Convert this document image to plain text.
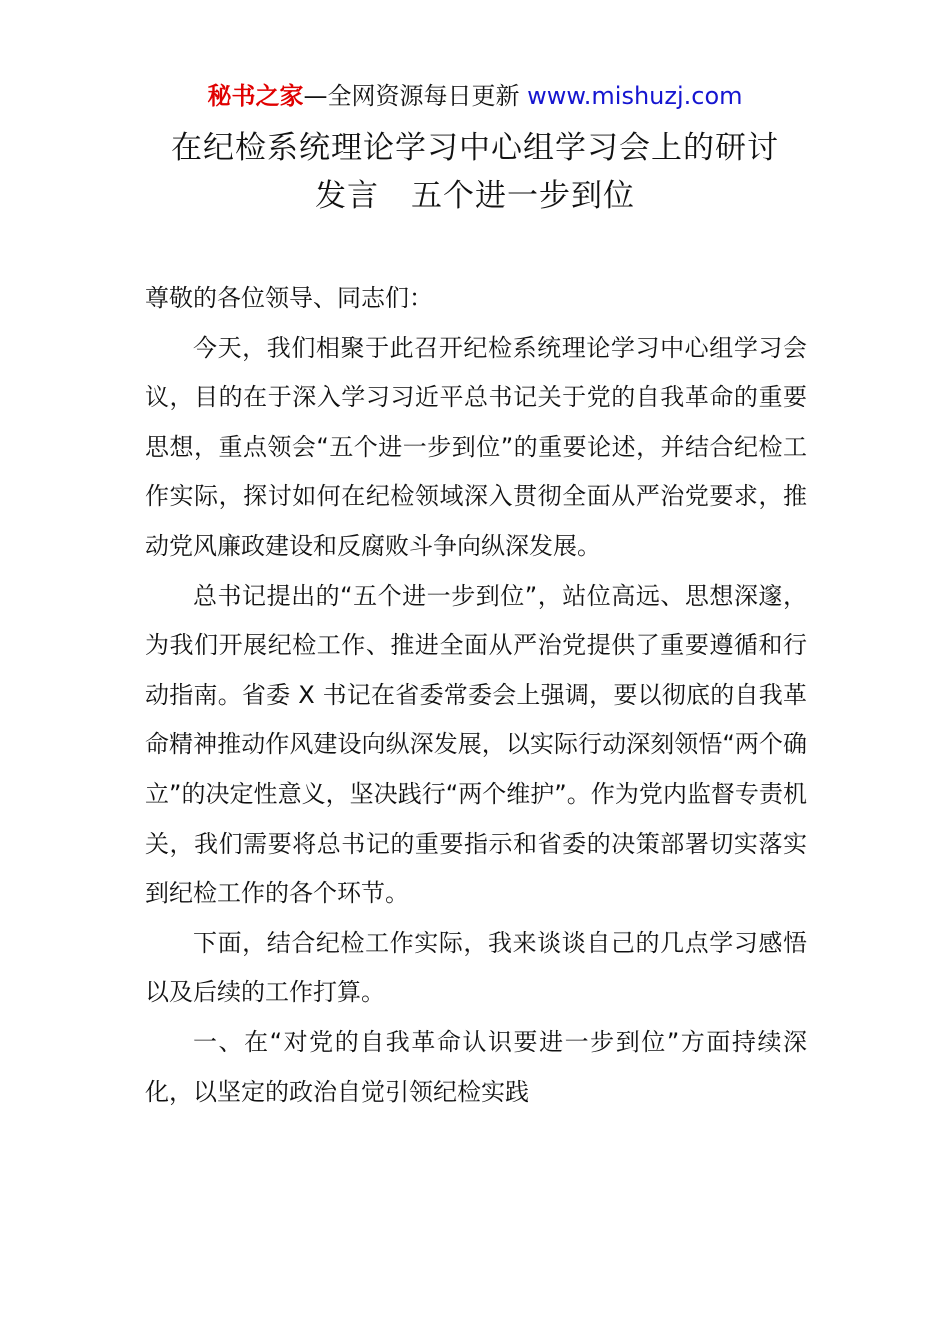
秘书之家—全网资源每日更新 www.mishuzj.com
在纪检系统理论学习中心组学习会上的研讨
发言　五个进一步到位

尊敬的各位领导、同志们：

今天，我们相聚于此召开纪检系统理论学习中心组学习会议，目的在于深入学习习近平总书记关于党的自我革命的重要思想，重点领会“五个进一步到位”的重要论述，并结合纪检工作实际，探讨如何在纪检领域深入贯彻全面从严治党要求，推动党风廉政建设和反腐败斗争向纵深发展。

总书记提出的“五个进一步到位”，站位高远、思想深邃，为我们开展纪检工作、推进全面从严治党提供了重要遵循和行动指南。省委 X 书记在省委常委会上强调，要以彻底的自我革命精神推动作风建设向纵深发展，以实际行动深刻领悟“两个确立”的决定性意义，坚决践行“两个维护”。作为党内监督专责机关，我们需要将总书记的重要指示和省委的决策部署切实落实到纪检工作的各个环节。

下面，结合纪检工作实际，我来谈谈自己的几点学习感悟以及后续的工作打算。

一、在“对党的自我革命认识要进一步到位”方面持续深化，以坚定的政治自觉引领纪检实践
